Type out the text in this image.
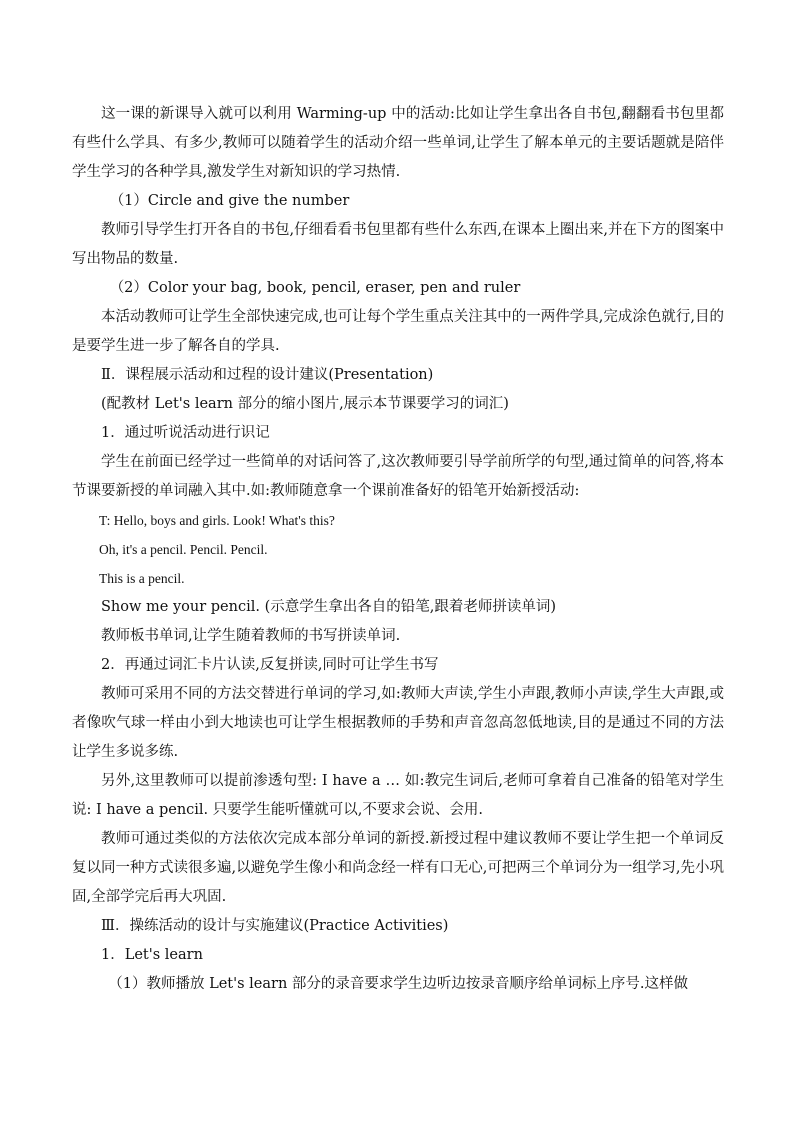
这一课的新课导入就可以利用 Warming-up 中的活动:比如让学生拿出各自书包,翻翻看书包里都有些什么学具、有多少,教师可以随着学生的活动介绍一些单词,让学生了解本单元的主要话题就是陪伴学生学习的各种学具,激发学生对新知识的学习热情.

（1）Circle and give the number

教师引导学生打开各自的书包,仔细看看书包里都有些什么东西,在课本上圈出来,并在下方的图案中写出物品的数量.

（2）Color your bag, book, pencil, eraser, pen and ruler

本活动教师可让学生全部快速完成,也可让每个学生重点关注其中的一两件学具,完成涂色就行,目的是要学生进一步了解各自的学具.

Ⅱ．课程展示活动和过程的设计建议(Presentation)

(配教材 Let's learn 部分的缩小图片,展示本节课要学习的词汇)

1．通过听说活动进行识记

学生在前面已经学过一些简单的对话问答了,这次教师要引导学前所学的句型,通过简单的问答,将本节课要新授的单词融入其中.如:教师随意拿一个课前准备好的铅笔开始新授活动:

T: Hello, boys and girls. Look! What's this?

Oh, it's a pencil. Pencil. Pencil.

This is a pencil.

Show me your pencil. (示意学生拿出各自的铅笔,跟着老师拼读单词)

教师板书单词,让学生随着教师的书写拼读单词.

2．再通过词汇卡片认读,反复拼读,同时可让学生书写

教师可采用不同的方法交替进行单词的学习,如:教师大声读,学生小声跟,教师小声读,学生大声跟,或者像吹气球一样由小到大地读也可让学生根据教师的手势和声音忽高忽低地读,目的是通过不同的方法让学生多说多练.

另外,这里教师可以提前渗透句型: I have a … 如:教完生词后,老师可拿着自己准备的铅笔对学生说: I have a pencil. 只要学生能听懂就可以,不要求会说、会用.

教师可通过类似的方法依次完成本部分单词的新授.新授过程中建议教师不要让学生把一个单词反复以同一种方式读很多遍,以避免学生像小和尚念经一样有口无心,可把两三个单词分为一组学习,先小巩固,全部学完后再大巩固.

Ⅲ．操练活动的设计与实施建议(Practice Activities)

1．Let's learn

（1）教师播放 Let's learn 部分的录音要求学生边听边按录音顺序给单词标上序号.这样做
